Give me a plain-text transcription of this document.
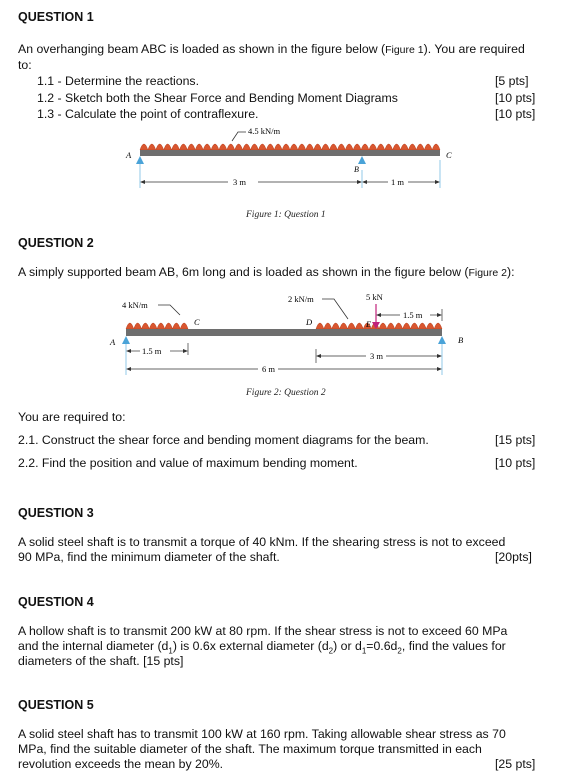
QUESTION 1
An overhanging beam ABC is loaded as shown in the figure below (Figure 1). You are required
to:
1.1 - Determine the reactions.	[5 pts]
1.2 - Sketch both the Shear Force and Bending Moment Diagrams	[10 pts]
1.3 - Calculate the point of contraflexure.	[10 pts]
4.5 kN/m
A
B
C
3 m	1 m
Figure 1: Question 1
QUESTION 2
A simply supported beam AB, 6m long and is loaded as shown in the figure below (Figure 2):
4 kN/m
2 kN/m	5 kN
1.5 m
A
C	D	E
B
1.5 m	3 m
6 m
Figure 2: Question 2
You are required to:
2.1. Construct the shear force and bending moment diagrams for the beam.	[15 pts]
2.2. Find the position and value of maximum bending moment.	[10 pts]
QUESTION 3
A solid steel shaft is to transmit a torque of 40 kNm. If the shearing stress is not to exceed
90 MPa, find the minimum diameter of the shaft.	[20pts]
QUESTION 4
A hollow shaft is to transmit 200 kW at 80 rpm. If the shear stress is not to exceed 60 MPa
and the internal diameter $(d_1)$ is 0.6x external diameter $(d_2)$ or $d_1=0.6d_2$, find the values for
diameters of the shaft. [15 pts]
QUESTION 5
A solid steel shaft has to transmit 100 kW at 160 rpm. Taking allowable shear stress as 70
MPa, find the suitable diameter of the shaft. The maximum torque transmitted in each
revolution exceeds the mean by 20%.	[25 pts]
